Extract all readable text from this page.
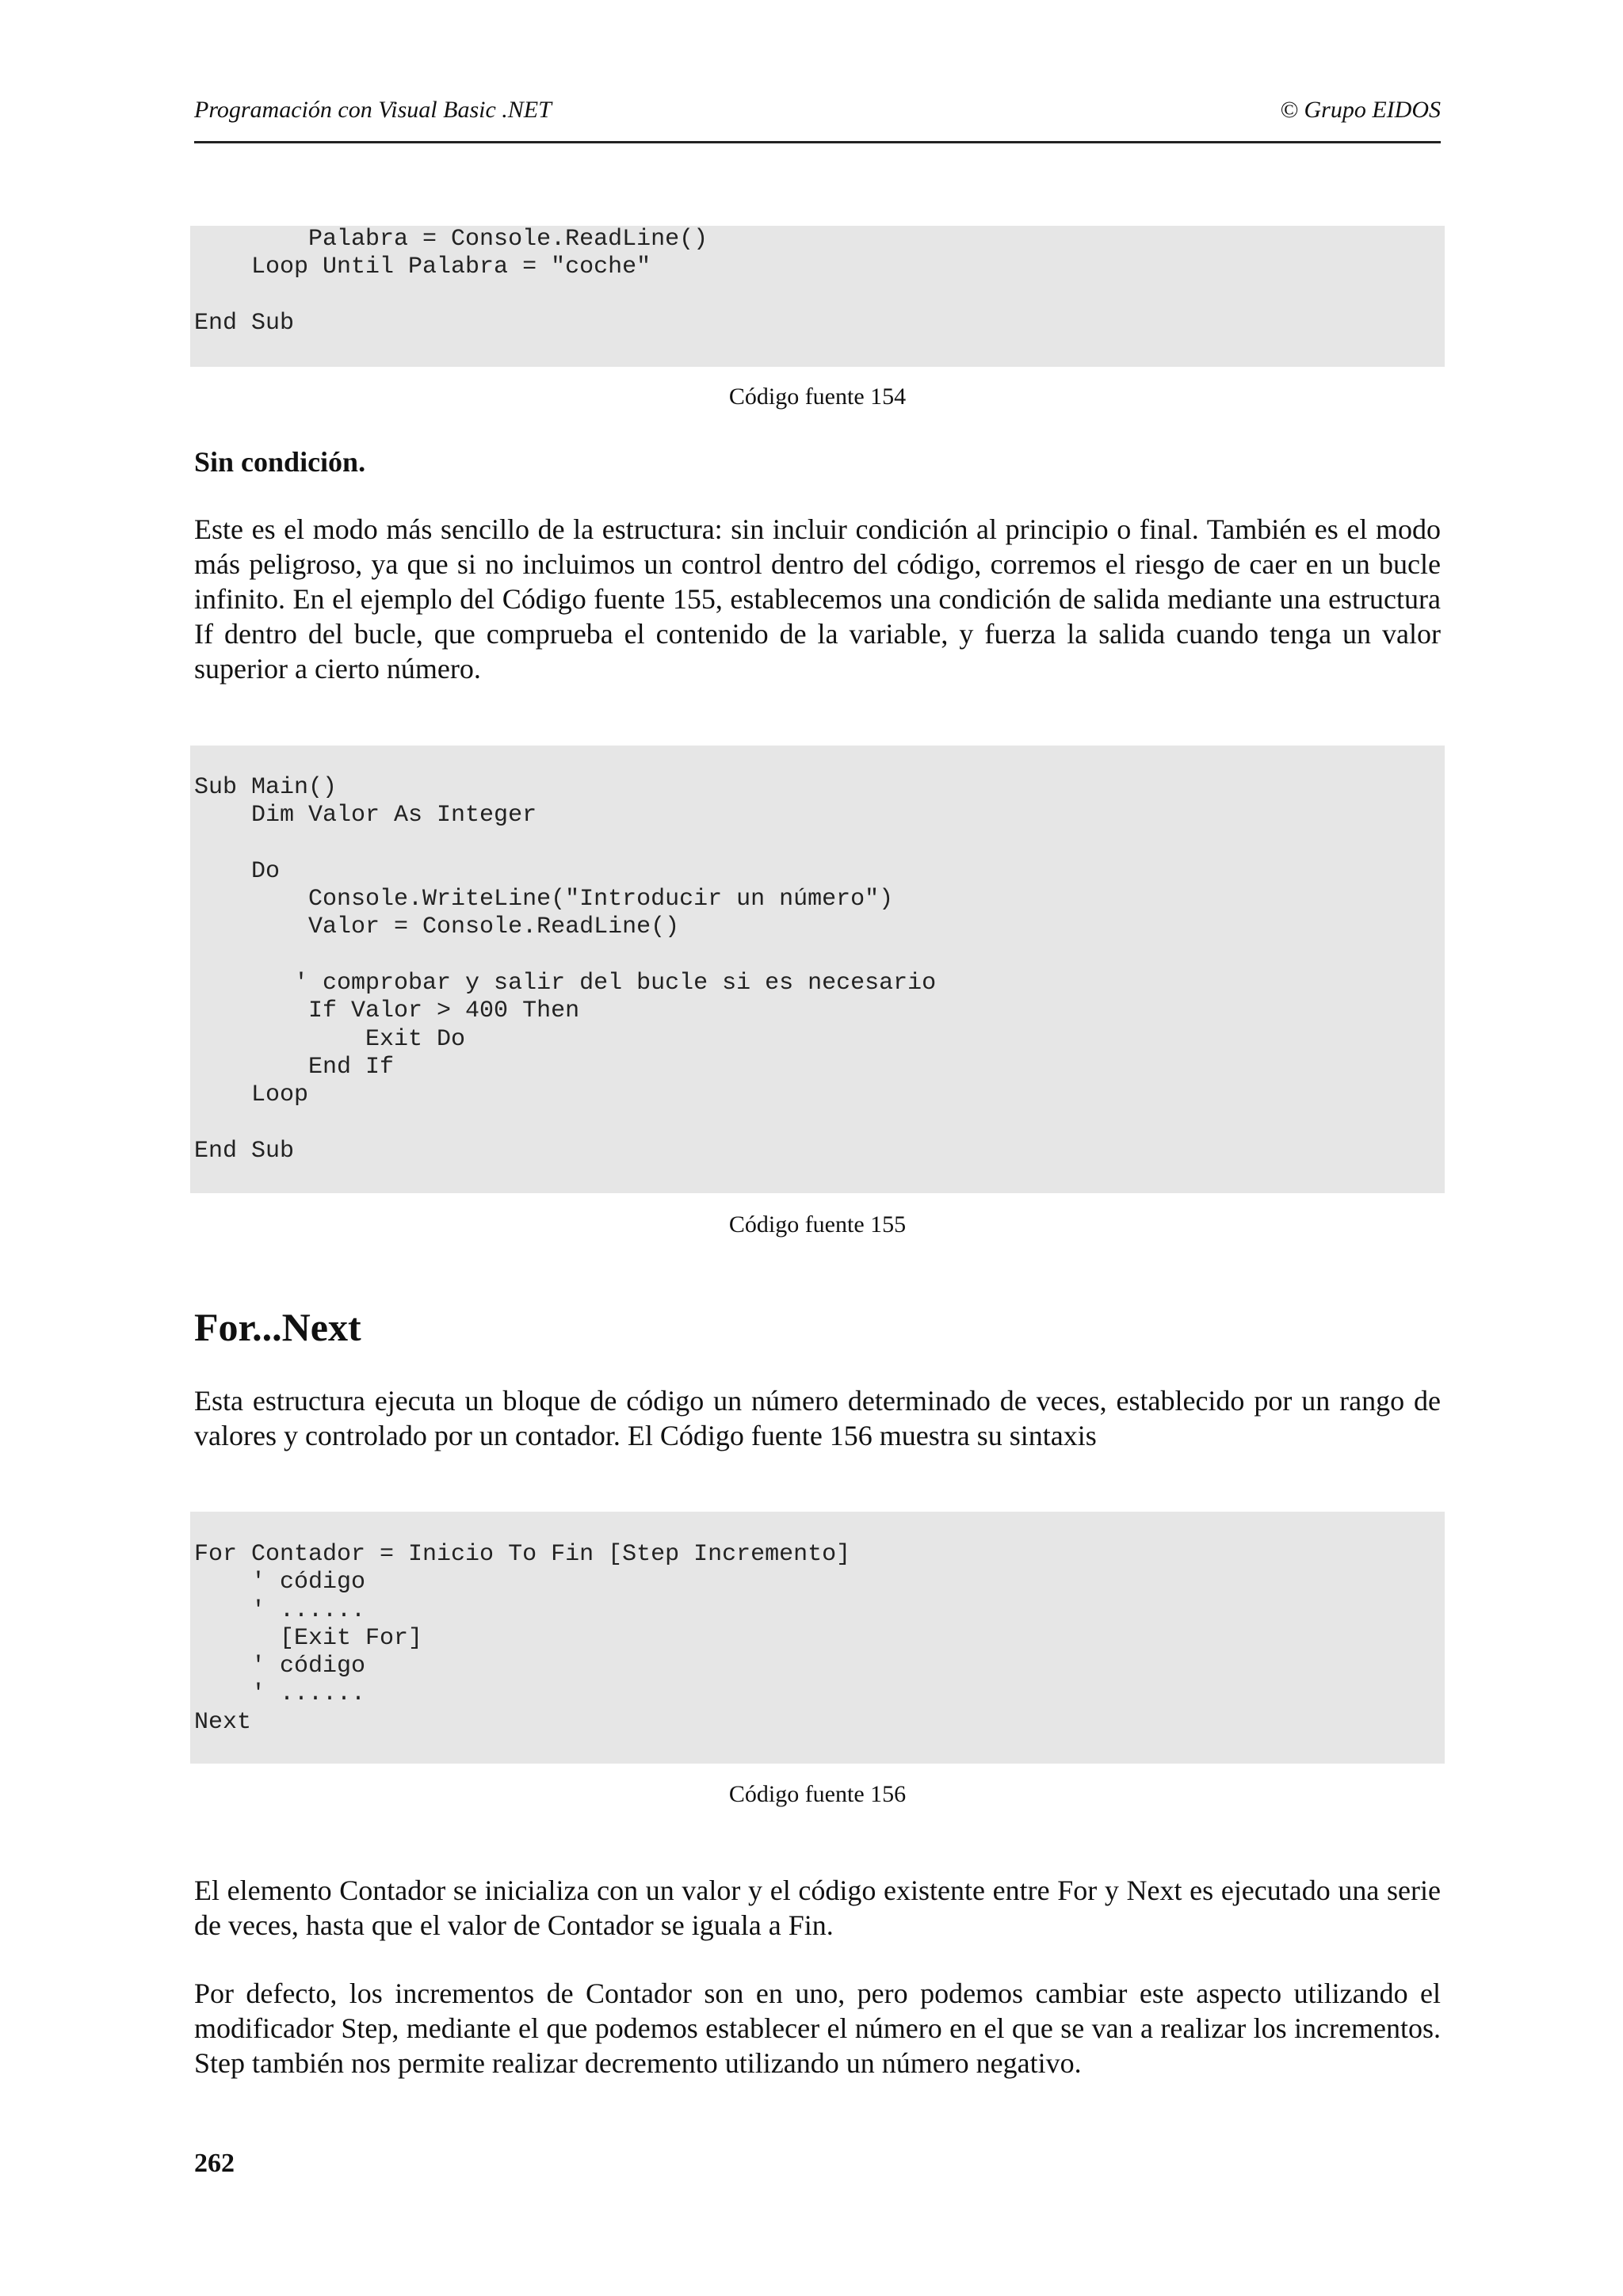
Programación con Visual Basic .NET	© Grupo EIDOS
Palabra = Console.ReadLine()
Loop Until Palabra = "coche"

End Sub
Código fuente 154
Sin condición.

Este es el modo más sencillo de la estructura: sin incluir condición al principio o final. También es el modo más peligroso, ya que si no incluimos un control dentro del código, corremos el riesgo de caer en un bucle infinito. En el ejemplo del Código fuente 155, establecemos una condición de salida mediante una estructura If dentro del bucle, que comprueba el contenido de la variable, y fuerza la salida cuando tenga un valor superior a cierto número.

Sub Main()
Dim Valor As Integer

Do
Console.WriteLine("Introducir un número")
Valor = Console.ReadLine()

' comprobar y salir del bucle si es necesario
If Valor > 400 Then
Exit Do
End If
Loop

End Sub
Código fuente 155
For...Next

Esta estructura ejecuta un bloque de código un número determinado de veces, establecido por un rango de valores y controlado por un contador. El Código fuente 156 muestra su sintaxis

For Contador = Inicio To Fin [Step Incremento]
' código
' ......
[Exit For]
' código
' ......
Next
Código fuente 156

El elemento Contador se inicializa con un valor y el código existente entre For y Next es ejecutado una serie de veces, hasta que el valor de Contador se iguala a Fin.

Por defecto, los incrementos de Contador son en uno, pero podemos cambiar este aspecto utilizando el modificador Step, mediante el que podemos establecer el número en el que se van a realizar los incrementos. Step también nos permite realizar decremento utilizando un número negativo.

262
